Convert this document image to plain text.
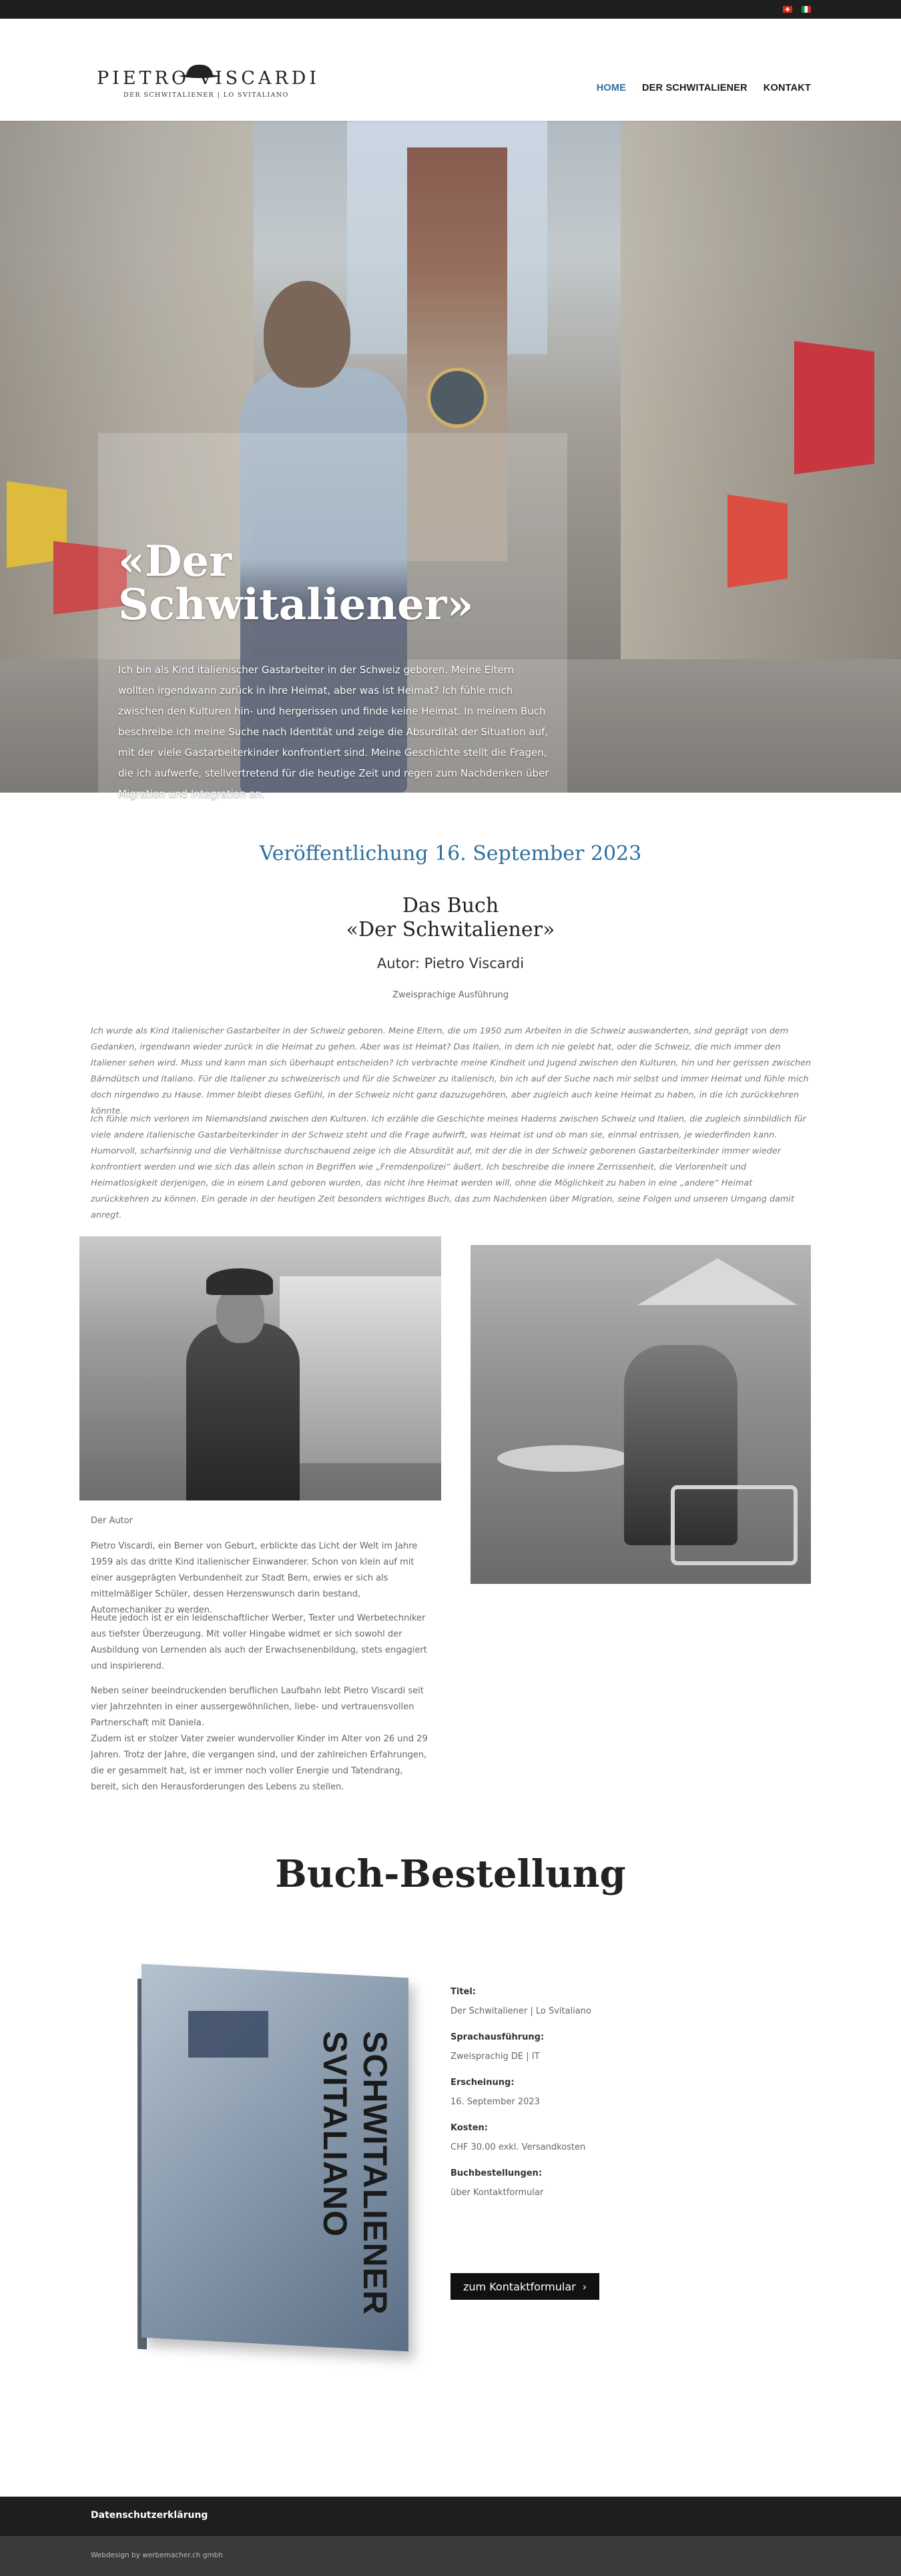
PIETRO VISCARDI
DER SCHWITALIENER | LO SVITALIANO
HOME DER SCHWITALIENER KONTAKT
«Der Schwitaliener»

Ich bin als Kind italienischer Gastarbeiter in der Schweiz geboren. Meine Eltern wollten irgendwann zurück in ihre Heimat, aber was ist Heimat? Ich fühle mich zwischen den Kulturen hin- und hergerissen und finde keine Heimat. In meinem Buch beschreibe ich meine Suche nach Identität und zeige die Absurdität der Situation auf, mit der viele Gastarbeiterkinder konfrontiert sind. Meine Geschichte stellt die Fragen, die ich aufwerfe, stellvertretend für die heutige Zeit und regen zum Nachdenken über Migration und Integration an.

Veröffentlichung 16. September 2023
Das Buch
«Der Schwitaliener»
Autor: Pietro Viscardi
Zweisprachige Ausführung

Ich wurde als Kind italienischer Gastarbeiter in der Schweiz geboren. Meine Eltern, die um 1950 zum Arbeiten in die Schweiz auswanderten, sind geprägt von dem Gedanken, irgendwann wieder zurück in die Heimat zu gehen. Aber was ist Heimat? Das Italien, in dem ich nie gelebt hat, oder die Schweiz, die mich immer den Italiener sehen wird. Muss und kann man sich überhaupt entscheiden? Ich verbrachte meine Kindheit und Jugend zwischen den Kulturen, hin und her gerissen zwischen Bärndütsch und Italiano. Für die Italiener zu schweizerisch und für die Schweizer zu italienisch, bin ich auf der Suche nach mir selbst und immer Heimat und fühle mich doch nirgendwo zu Hause. Immer bleibt dieses Gefühl, in der Schweiz nicht ganz dazuzugehören, aber zugleich auch keine Heimat zu haben, in die ich zurückkehren könnte.

Ich fühle mich verloren im Niemandsland zwischen den Kulturen. Ich erzähle die Geschichte meines Haderns zwischen Schweiz und Italien, die zugleich sinnbildlich für viele andere italienische Gastarbeiterkinder in der Schweiz steht und die Frage aufwirft, was Heimat ist und ob man sie, einmal entrissen, je wiederfinden kann. Humorvoll, scharfsinnig und die Verhältnisse durchschauend zeige ich die Absurdität auf, mit der die in der Schweiz geborenen Gastarbeiterkinder immer wieder konfrontiert werden und wie sich das allein schon in Begriffen wie „Fremdenpolizei“ äußert. Ich beschreibe die innere Zerrissenheit, die Verlorenheit und Heimatlosigkeit derjenigen, die in einem Land geboren wurden, das nicht ihre Heimat werden will, ohne die Möglichkeit zu haben in eine „andere“ Heimat zurückkehren zu können. Ein gerade in der heutigen Zeit besonders wichtiges Buch, das zum Nachdenken über Migration, seine Folgen und unseren Umgang damit anregt.

Der Autor

Pietro Viscardi, ein Berner von Geburt, erblickte das Licht der Welt im Jahre 1959 als das dritte Kind italienischer Einwanderer. Schon von klein auf mit einer ausgeprägten Verbundenheit zur Stadt Bern, erwies er sich als mittelmäßiger Schüler, dessen Herzenswunsch darin bestand, Automechaniker zu werden.

Heute jedoch ist er ein leidenschaftlicher Werber, Texter und Werbetechniker aus tiefster Überzeugung. Mit voller Hingabe widmet er sich sowohl der Ausbildung von Lernenden als auch der Erwachsenenbildung, stets engagiert und inspirierend.

Neben seiner beeindruckenden beruflichen Laufbahn lebt Pietro Viscardi seit vier Jahrzehnten in einer aussergewöhnlichen, liebe- und vertrauensvollen Partnerschaft mit Daniela.
Zudem ist er stolzer Vater zweier wundervoller Kinder im Alter von 26 und 29 Jahren. Trotz der Jahre, die vergangen sind, und der zahlreichen Erfahrungen, die er gesammelt hat, ist er immer noch voller Energie und Tatendrang, bereit, sich den Herausforderungen des Lebens zu stellen.
Buch-Bestellung
SCHWITALIENER SVITALIANO
Titel:
Der Schwitaliener | Lo Svitaliano
Sprachausführung:
Zweisprachig DE | IT
Erscheinung:
16. September 2023
Kosten:
CHF 30.00 exkl. Versandkosten
Buchbestellungen:
über Kontaktformular
zum Kontaktformular ›
Datenschutzerklärung
Webdesign by werbemacher.ch gmbh
